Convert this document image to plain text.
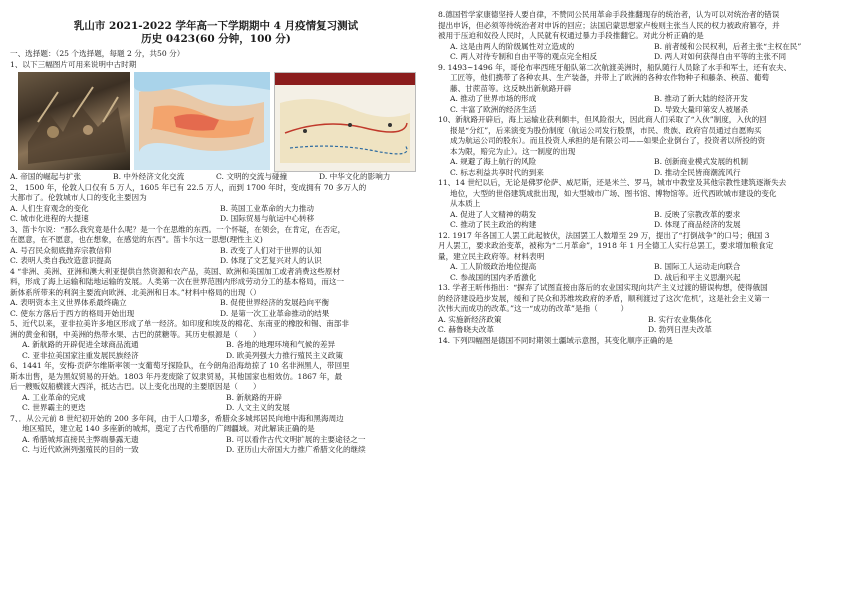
乳山市 2021-2022 学年高一下学期期中 4 月疫情复习测试
历史 0423(60 分钟，100 分)

一、选择题：（25 个选择题，每题 2 分，共50 分）

1、以下三幅图片可用来说明中古时期

A. 帝国的崛起与扩张	B. 中外经济文化交流	C. 文明的交流与碰撞	D. 中华文化的影响力

2、 1500 年，伦敦人口仅有 5 万人，1605 年已有 22.5 万人，而到 1700 年时，变成拥有 70 多万人的

大都市了。伦敦城市人口的变化主要因为

A. 人们生育观念的变化	B. 英国工业革命的大力推动
C. 城市化进程的大提速	D. 国际贸易与航运中心转移

3、笛卡尔说：“那么我究竟是什么呢？是一个在思维的东西。一个怀疑，在领会，在肯定，在否定，

在愿意，在不愿意，也在想象，在感觉的东西”。笛卡尔这一思想(理性主义)

A. 号召民众彻底抛弃宗教信仰	B. 改变了人们对于世界的认知
C. 表明人类自我改造意识提高	D. 体现了文艺复兴对人的认识

4 “非洲、美洲、亚洲和澳大利亚提供自然资源和农产品，英国、欧洲和美国加工或者消费这些原材

料，形成了海上运输和陆地运输的发展。人类第一次在世界范围内形成劳动分工的基本格局，而这一

新体系所带来的利润主要流向欧洲、北美洲和日本。”材料中格局的出现（）

A. 表明资本主义世界体系最终确立	B. 促使世界经济的发展趋向平衡
C. 使东方落后于西方的格局开始出现	D. 是第一次工业革命推动的结果

5、近代以来，亚非拉美许多地区形成了单一经济。如印度和埃及的棉花、东南亚的橡胶和锡、南部非

洲的黄金和钢，中美洲的热带水果、古巴的蔗糖等。其历史根源是（　　）

A. 新航路的开辟促进全球商品流通	B. 各地的地理环境和气候的差异
C. 亚非拉美国家注重发展民族经济	D. 欧美列强大力推行殖民主义政策

6、1441 年，安梅·贡萨尔维斯率领一支葡萄牙探险队，在今朗角沿海劫掠了 10 名非洲黑人，带回里

斯本出售，是为黑奴贸易的开始。1803 年丹麦废除了奴隶贸易，其他国家也相效仿。1867 年，最

后一艘贩奴船横渡大西洋，抵达古巴。以上变化出现的主要原因是（　　）

A. 工业革命的完成	B. 新航路的开辟
C. 世界霸主的更迭	D. 人文主义的发展

7、．从公元前 8 世纪初开始的 200 多年间，由于人口增多，希腊众多城邦居民向地中海和黑海周边

地区殖民，建立起 140 多座新的城邦，奠定了古代希腊的广阔疆域。对此解读正确的是

A. 希腊城邦直接民主弊端暴露无遗	B. 可以看作古代文明扩展的主要途径之一
C. 与近代欧洲列强殖民的目的一致	D. 亚历山大帝国大力推广希腊文化的继续

8.德国哲学家康德坚持人要自律，不赞同公民用革命手段推翻现存的统治者，认为可以对统治者的错误

提出申诉，但必须等待统治者对申诉的回应；法国启蒙思想家卢梭则主张当人民的权力被政府篡夺，并

被用于压迫和奴役人民时，人民就有权通过暴力手段推翻它。对此分析正确的是

A. 这是由两人的阶级属性对立造成的	B. 前者缓和公民权利，后者主张“主权在民”
C. 两人对待专制和自由平等的观点完全相反	D. 两人对如何获得自由平等的主张不同

9. 1493~1496 年，哥伦布率西班牙船队第二次航渡美洲时，船队随行人员除了水手和军士，还有农夫、

工匠等，他们携带了各种农具、生产装备，并带上了欧洲的各种农作物种子和藤条、秧苗、葡萄

藤、甘蔗苗等。这反映出新航路开辟

A. 推动了世界市场的形成	B. 推动了新大陆的经济开发
C. 丰富了欧洲的经济生活	D. 导致大量印第安人被屠杀

10、新航路开辟后，海上运输业获利颇丰，但风险很大，因此商人们采取了“入伙”制度，入伙的回

报是“分红”，后来演变为股份制度（航运公司发行股票，市民、贵族、政府官员通过自愿购买

成为航运公司的股东）。而且投资人承担的是有限公司——如果企业倒台了，投资者以所投的资

本为限，赔完为止）。这一制度的出现

A. 规避了海上航行的风险	B. 创新商业模式发展的机制
C. 标志利益共享时代的到来	D. 推动全民皆商潮流风行

11、14 世纪以后，无论是佛罗伦萨、威尼斯，还是米兰、罗马，城市中教堂及其他宗教性建筑逐渐失去

地位，大型的世俗建筑成批出现，如大型城市广场、图书馆、博物馆等。近代西欧城市建设的变化

从本质上

A. 促进了人文精神的萌发	B. 反映了宗教改革的要求
C. 推动了民主政治的构建	D. 体现了商品经济的发展

12. 1917 年各国工人罢工此起彼伏，法国罢工人数增至 29 万，提出了“打倒战争”的口号；俄国 3

月人罢工，要求政治变革，被称为“二月革命”，1918 年 1 月全德工人实行总罢工，要求增加粮食定

量，建立民主政府等。材料表明

A. 工人阶级政治地位提高	B. 国际工人运动走向联合
C. 参战国的国内矛盾激化	D. 战后和平主义思潮兴起

13. 学者王昕伟指出：“摒弃了试图直接由落后的农业国实现向共产主义过渡的错误构想，使得俄国

的经济建设趋步发展，缓和了民众和苏维埃政府的矛盾，顺利渡过了这次‘危机’，这是社会主义第一

次伟大而成功的改革。”这一“成功的改革”是指（　　　）

A. 实施新经济政策	B. 实行农业集体化
C. 赫鲁晓夫改革	D. 勃列日涅夫改革

14. 下列四幅图是德国不同时期领土疆域示意图，其变化顺序正确的是
